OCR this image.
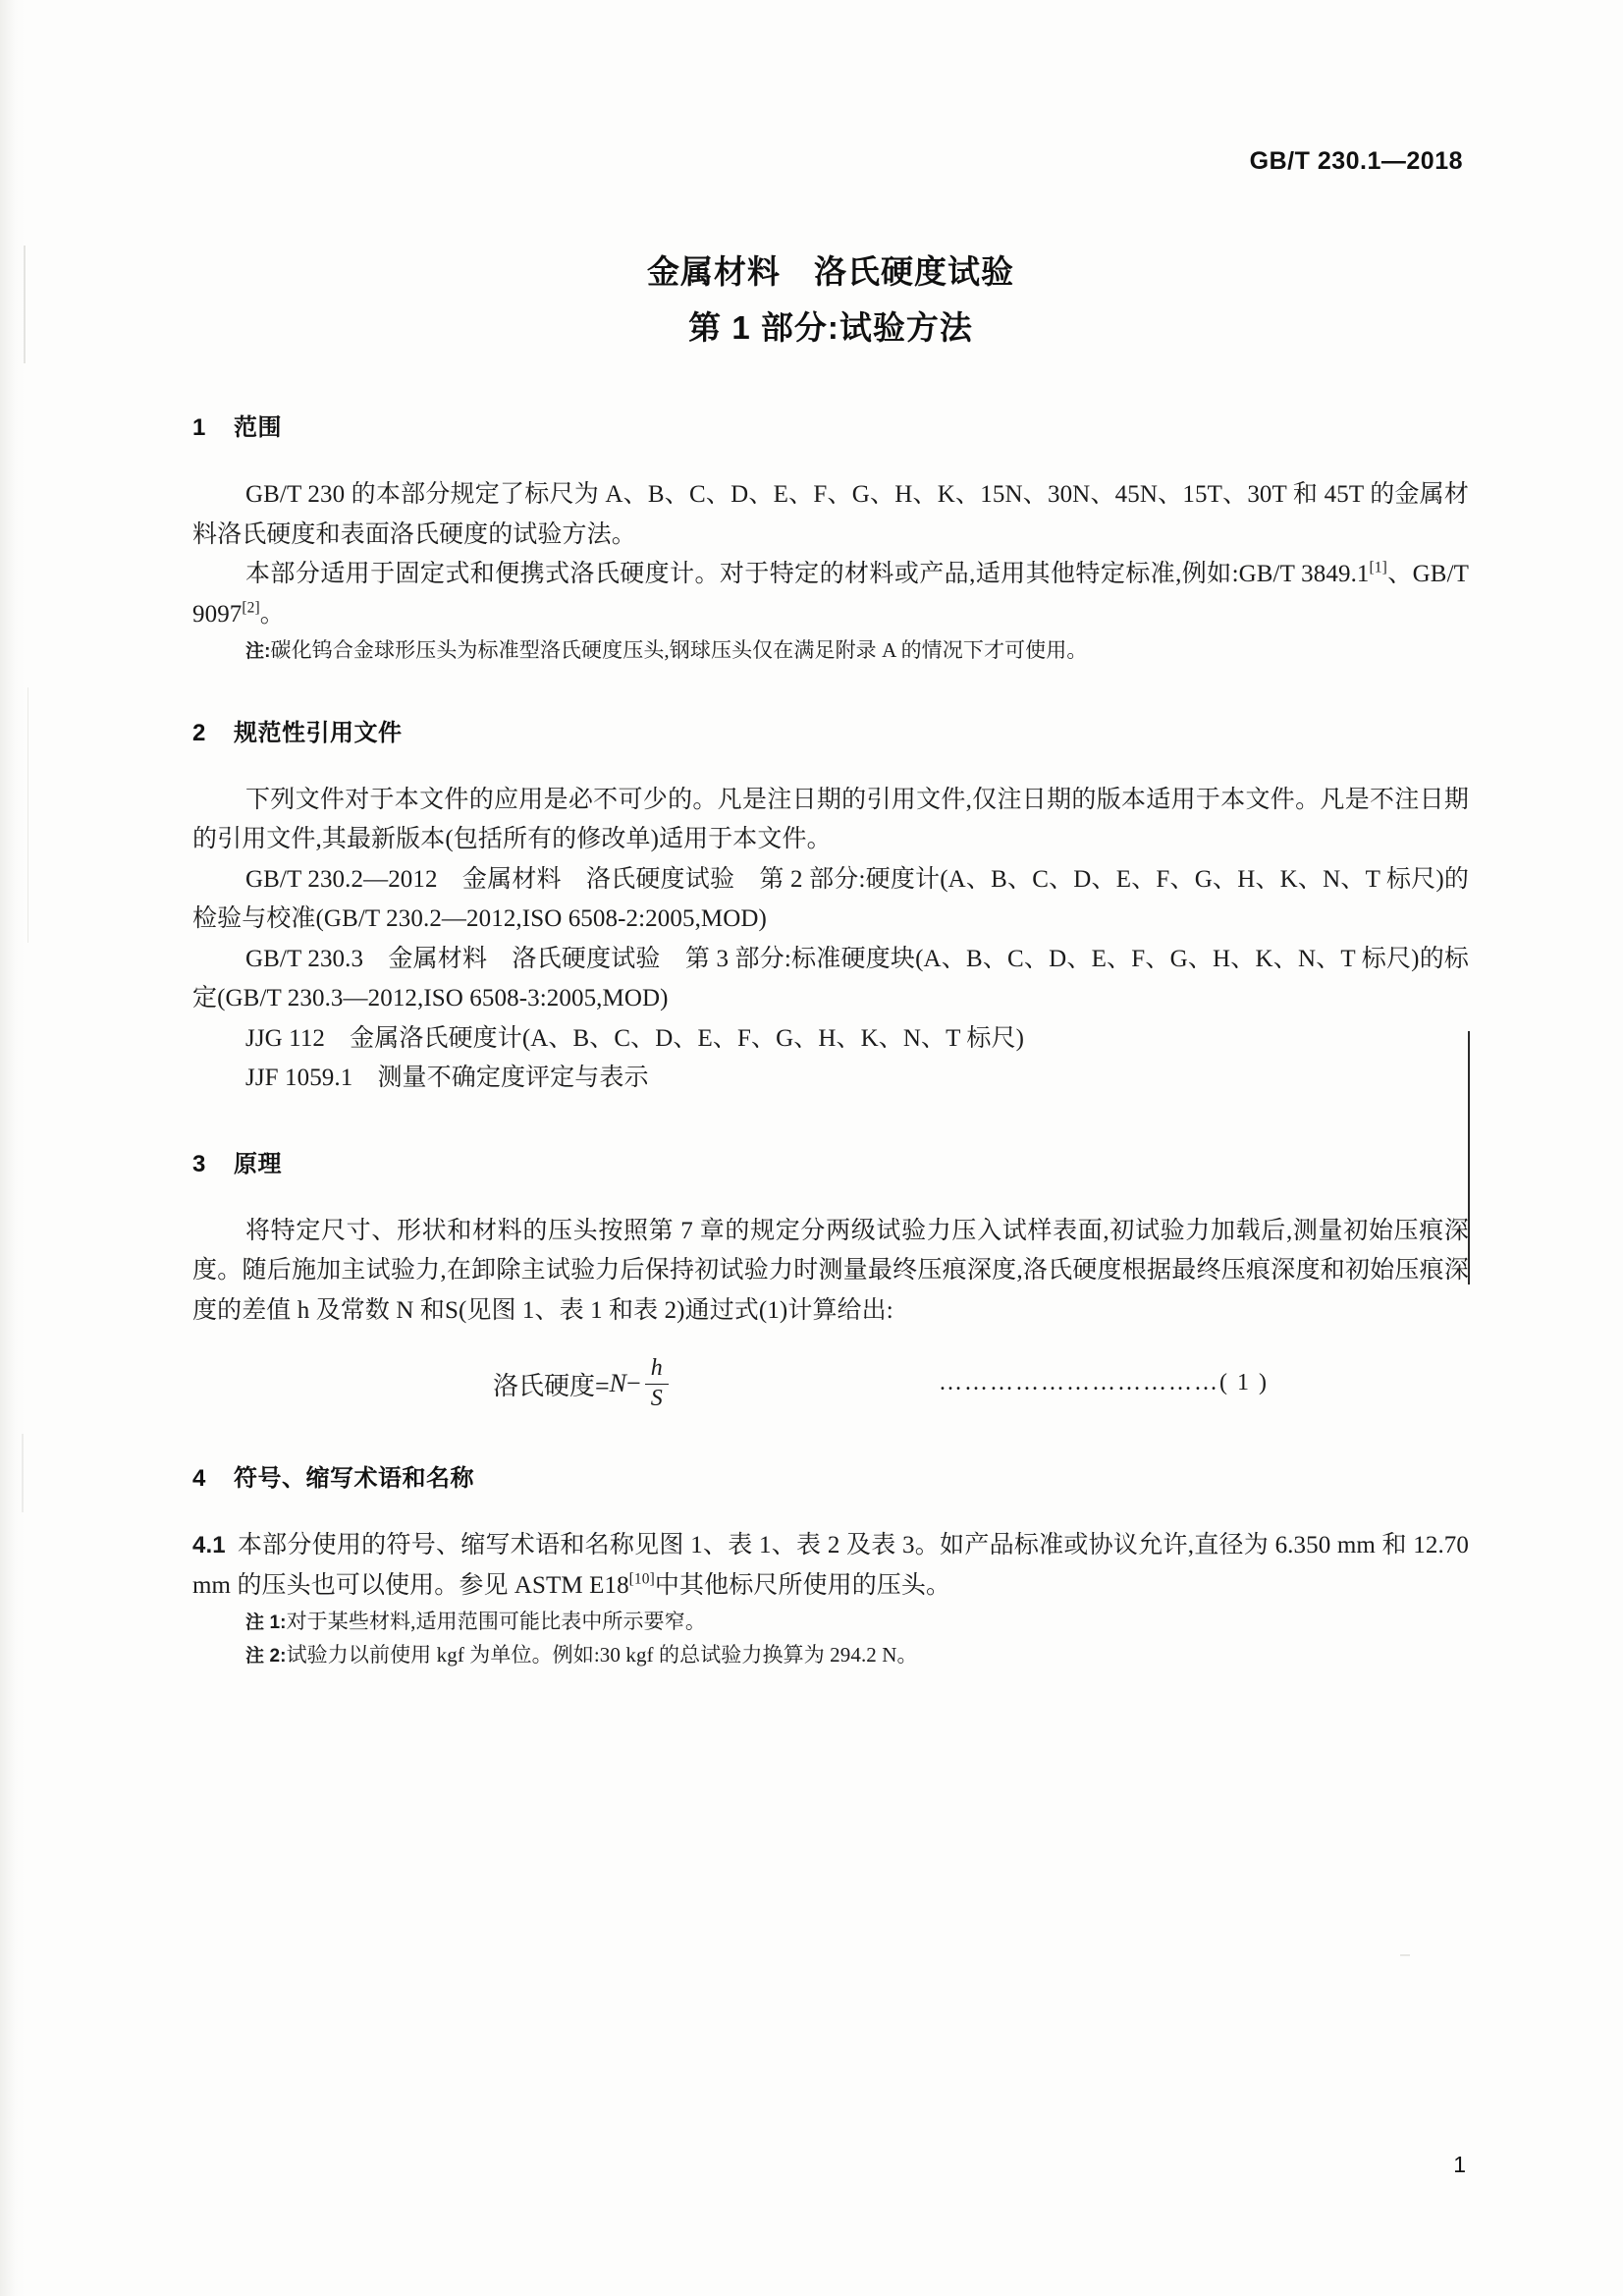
GB/T 230.1—2018
金属材料　洛氏硬度试验
第 1 部分:试验方法
1 范围

GB/T 230 的本部分规定了标尺为 A、B、C、D、E、F、G、H、K、15N、30N、45N、15T、30T 和 45T 的金属材料洛氏硬度和表面洛氏硬度的试验方法。

本部分适用于固定式和便携式洛氏硬度计。对于特定的材料或产品,适用其他特定标准,例如:GB/T 3849.1[1]、GB/T 9097[2]。

注:碳化钨合金球形压头为标准型洛氏硬度压头,钢球压头仅在满足附录 A 的情况下才可使用。

2 规范性引用文件

下列文件对于本文件的应用是必不可少的。凡是注日期的引用文件,仅注日期的版本适用于本文件。凡是不注日期的引用文件,其最新版本(包括所有的修改单)适用于本文件。

GB/T 230.2—2012　金属材料　洛氏硬度试验　第 2 部分:硬度计(A、B、C、D、E、F、G、H、K、N、T 标尺)的检验与校准(GB/T 230.2—2012,ISO 6508-2:2005,MOD)

GB/T 230.3　金属材料　洛氏硬度试验　第 3 部分:标准硬度块(A、B、C、D、E、F、G、H、K、N、T 标尺)的标定(GB/T 230.3—2012,ISO 6508-3:2005,MOD)

JJG 112　金属洛氏硬度计(A、B、C、D、E、F、G、H、K、N、T 标尺)

JJF 1059.1　测量不确定度评定与表示

3 原理

将特定尺寸、形状和材料的压头按照第 7 章的规定分两级试验力压入试样表面,初试验力加载后,测量初始压痕深度。随后施加主试验力,在卸除主试验力后保持初试验力时测量最终压痕深度,洛氏硬度根据最终压痕深度和初始压痕深度的差值 h 及常数 N 和S(见图 1、表 1 和表 2)通过式(1)计算给出:

洛氏硬度= $N - \frac{h}{S}$	……………………………( 1 )
4 符号、缩写术语和名称

4.1 本部分使用的符号、缩写术语和名称见图 1、表 1、表 2 及表 3。如产品标准或协议允许,直径为 6.350 mm 和 12.70 mm 的压头也可以使用。参见 ASTM E18[10]中其他标尺所使用的压头。

注 1:对于某些材料,适用范围可能比表中所示要窄。

注 2:试验力以前使用 kgf 为单位。例如:30 kgf 的总试验力换算为 294.2 N。

1
